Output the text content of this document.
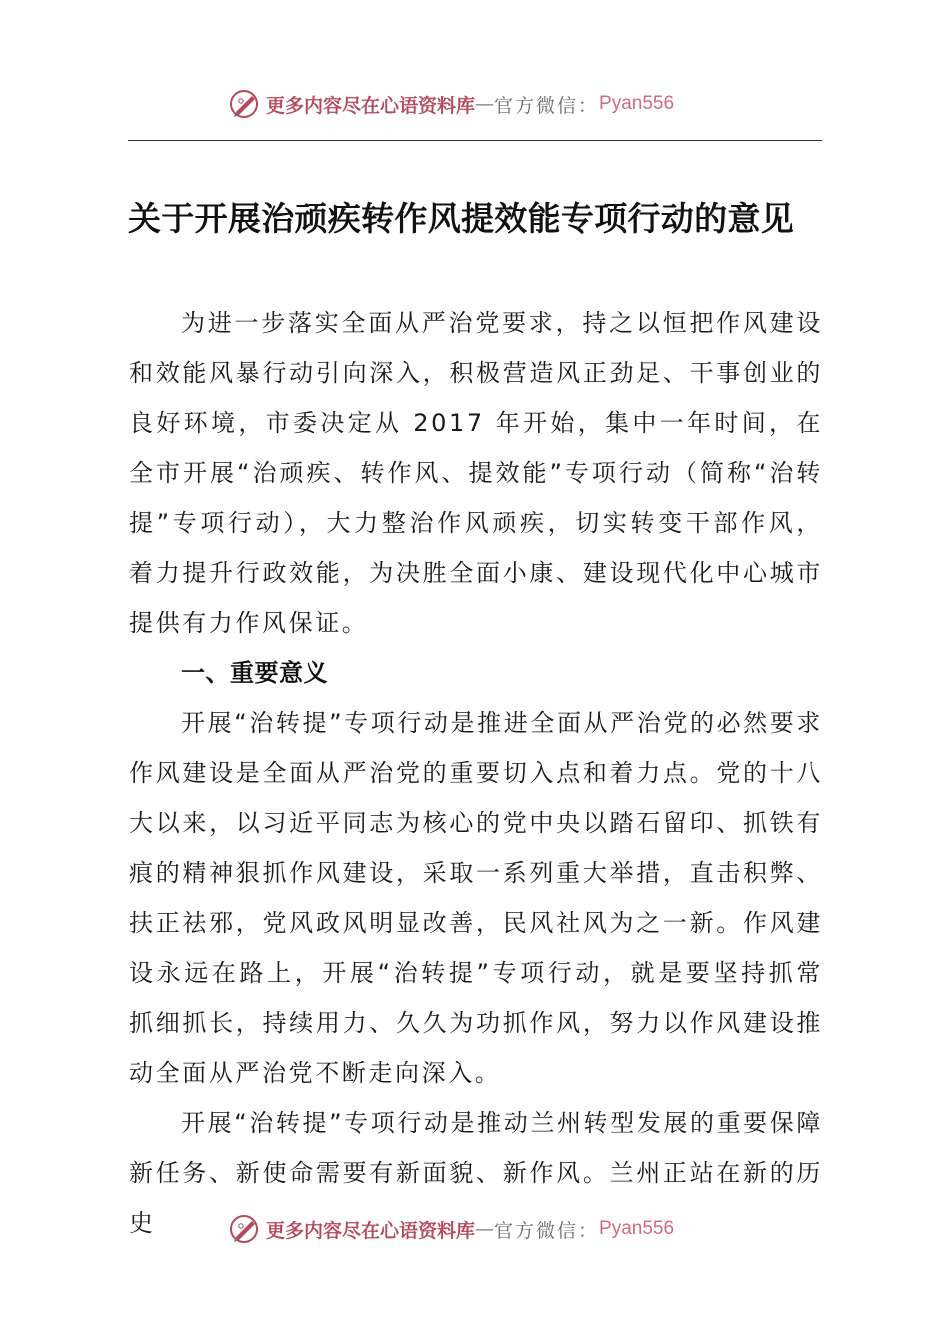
更多内容尽在心语资料库 — 官方微信： Pyan556
关于开展治顽疾转作风提效能专项行动的意见

为进一步落实全面从严治党要求，持之以恒把作风建设和效能风暴行动引向深入，积极营造风正劲足、干事创业的良好环境，市委决定从 2017 年开始，集中一年时间，在全市开展“治顽疾、转作风、提效能”专项行动（简称“治转提”专项行动），大力整治作风顽疾，切实转变干部作风，着力提升行政效能，为决胜全面小康、建设现代化中心城市提供有力作风保证。

一、重要意义

开展“治转提”专项行动是推进全面从严治党的必然要求作风建设是全面从严治党的重要切入点和着力点。党的十八大以来，以习近平同志为核心的党中央以踏石留印、抓铁有痕的精神狠抓作风建设，采取一系列重大举措，直击积弊、扶正祛邪，党风政风明显改善，民风社风为之一新。作风建设永远在路上，开展“治转提”专项行动，就是要坚持抓常抓细抓长，持续用力、久久为功抓作风，努力以作风建设推动全面从严治党不断走向深入。

开展“治转提”专项行动是推动兰州转型发展的重要保障新任务、新使命需要有新面貌、新作风。兰州正站在新的历史	更多内容尽在心语资料库 — 官方微信： Pyan556
